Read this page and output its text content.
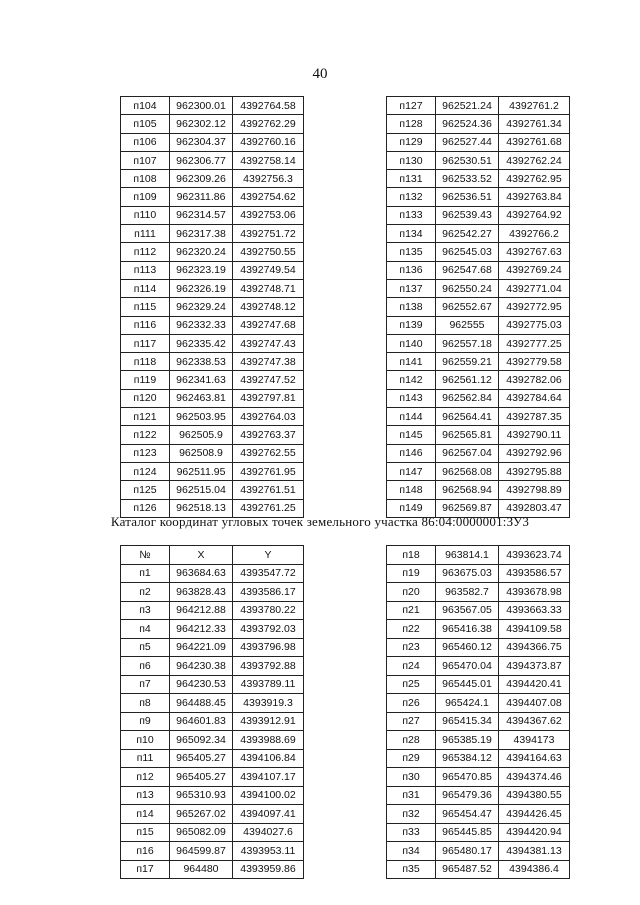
40
п104	962300.01	4392764.58
п105	962302.12	4392762.29
п106	962304.37	4392760.16
п107	962306.77	4392758.14
п108	962309.26	4392756.3
п109	962311.86	4392754.62
п110	962314.57	4392753.06
п111	962317.38	4392751.72
п112	962320.24	4392750.55
п113	962323.19	4392749.54
п114	962326.19	4392748.71
п115	962329.24	4392748.12
п116	962332.33	4392747.68
п117	962335.42	4392747.43
п118	962338.53	4392747.38
п119	962341.63	4392747.52
п120	962463.81	4392797.81
п121	962503.95	4392764.03
п122	962505.9	4392763.37
п123	962508.9	4392762.55
п124	962511.95	4392761.95
п125	962515.04	4392761.51
п126	962518.13	4392761.25
п127	962521.24	4392761.2
п128	962524.36	4392761.34
п129	962527.44	4392761.68
п130	962530.51	4392762.24
п131	962533.52	4392762.95
п132	962536.51	4392763.84
п133	962539.43	4392764.92
п134	962542.27	4392766.2
п135	962545.03	4392767.63
п136	962547.68	4392769.24
п137	962550.24	4392771.04
п138	962552.67	4392772.95
п139	962555	4392775.03
п140	962557.18	4392777.25
п141	962559.21	4392779.58
п142	962561.12	4392782.06
п143	962562.84	4392784.64
п144	962564.41	4392787.35
п145	962565.81	4392790.11
п146	962567.04	4392792.96
п147	962568.08	4392795.88
п148	962568.94	4392798.89
п149	962569.87	4392803.47
Каталог координат угловых точек земельного участка 86:04:0000001:ЗУ3
№	X	Y
п1	963684.63	4393547.72
п2	963828.43	4393586.17
п3	964212.88	4393780.22
п4	964212.33	4393792.03
п5	964221.09	4393796.98
п6	964230.38	4393792.88
п7	964230.53	4393789.11
п8	964488.45	4393919.3
п9	964601.83	4393912.91
п10	965092.34	4393988.69
п11	965405.27	4394106.84
п12	965405.27	4394107.17
п13	965310.93	4394100.02
п14	965267.02	4394097.41
п15	965082.09	4394027.6
п16	964599.87	4393953.11
п17	964480	4393959.86
п18	963814.1	4393623.74
п19	963675.03	4393586.57
п20	963582.7	4393678.98
п21	963567.05	4393663.33
п22	965416.38	4394109.58
п23	965460.12	4394366.75
п24	965470.04	4394373.87
п25	965445.01	4394420.41
п26	965424.1	4394407.08
п27	965415.34	4394367.62
п28	965385.19	4394173
п29	965384.12	4394164.63
п30	965470.85	4394374.46
п31	965479.36	4394380.55
п32	965454.47	4394426.45
п33	965445.85	4394420.94
п34	965480.17	4394381.13
п35	965487.52	4394386.4
